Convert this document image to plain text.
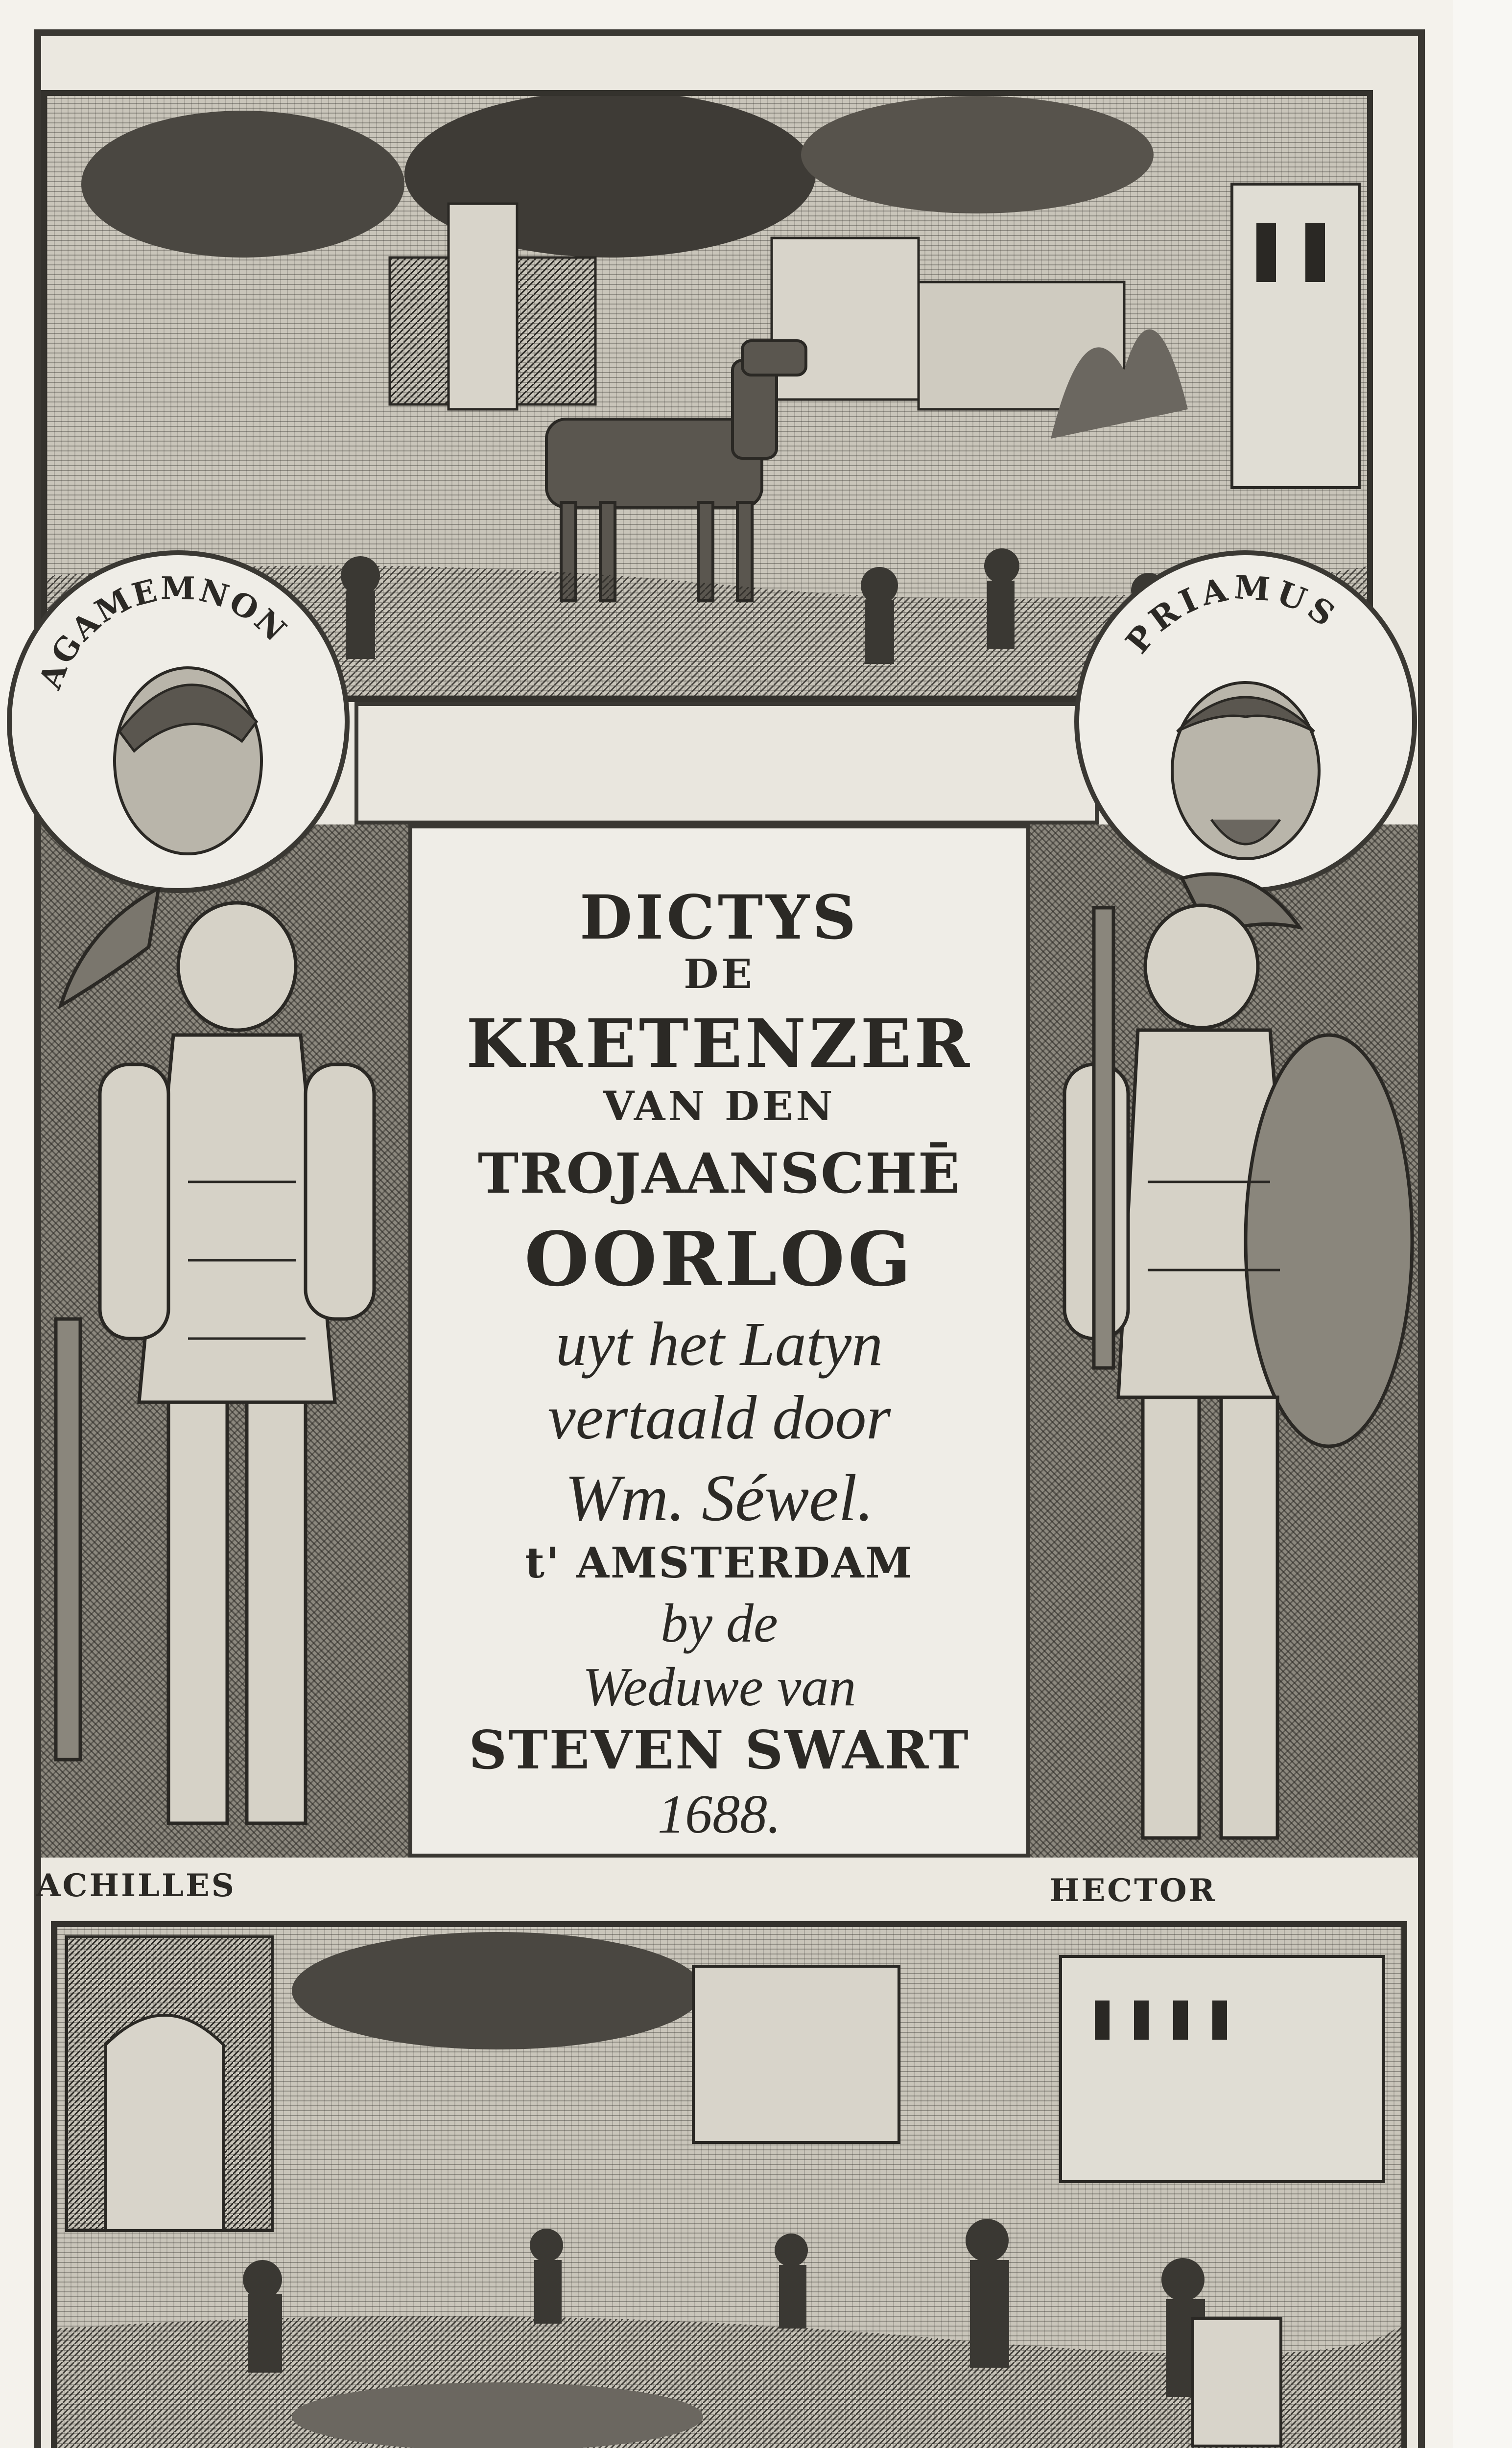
AGAMEMNON	PRIAMUS
DICTYS
DE
KRETENZER
VAN DEN
TROJAANSCHĒ
OORLOG
uyt het Latyn
vertaald door
Wm. Séwel.
t' AMSTERDAM
by de
Weduwe van
STEVEN SWART
1688.
ACHILLES	HECTOR
